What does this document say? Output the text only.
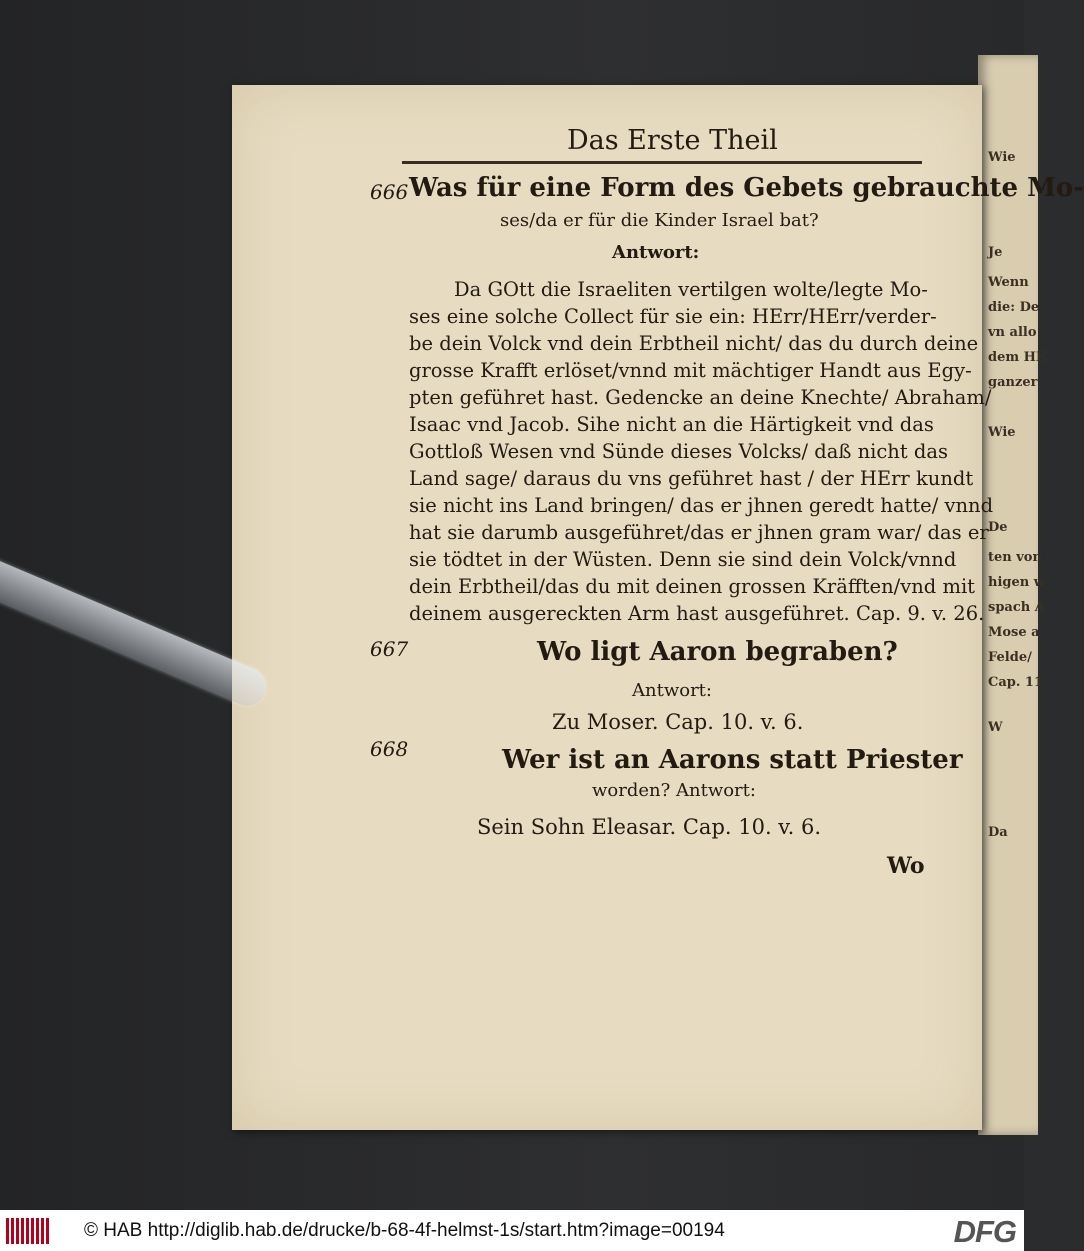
Wie
Je
Wenn
die: De
vn allo
dem HE
ganzer
Wie
De
ten von
higen w
spach A
Mose a
Felde/
Cap. 11
W
Da
Das Erste Theil
666 Was für eine Form des Gebets gebrauchte Mo-
ses/da er für die Kinder Israel bat?
Antwort:
Da GOtt die Israeliten vertilgen wolte/legte Mo-
ses eine solche Collect für sie ein: HErr/HErr/verder-
be dein Volck vnd dein Erbtheil nicht/ das du durch deine
grosse Krafft erlöset/vnnd mit mächtiger Handt aus Egy-
pten geführet hast. Gedencke an deine Knechte/ Abraham/
Isaac vnd Jacob. Sihe nicht an die Härtigkeit vnd das
Gottloß Wesen vnd Sünde dieses Volcks/ daß nicht das
Land sage/ daraus du vns geführet hast / der HErr kundt
sie nicht ins Land bringen/ das er jhnen geredt hatte/ vnnd
hat sie darumb ausgeführet/das er jhnen gram war/ das er
sie tödtet in der Wüsten. Denn sie sind dein Volck/vnnd
dein Erbtheil/das du mit deinen grossen Kräfften/vnd mit
deinem ausgereckten Arm hast ausgeführet. Cap. 9. v. 26.
667	Wo ligt Aaron begraben?
Antwort:
Zu Moser. Cap. 10. v. 6.
668	Wer ist an Aarons statt Priester
worden? Antwort:
Sein Sohn Eleasar. Cap. 10. v. 6.
Wo
© HAB http://diglib.hab.de/drucke/b-68-4f-helmst-1s/start.htm?image=00194	DFG
